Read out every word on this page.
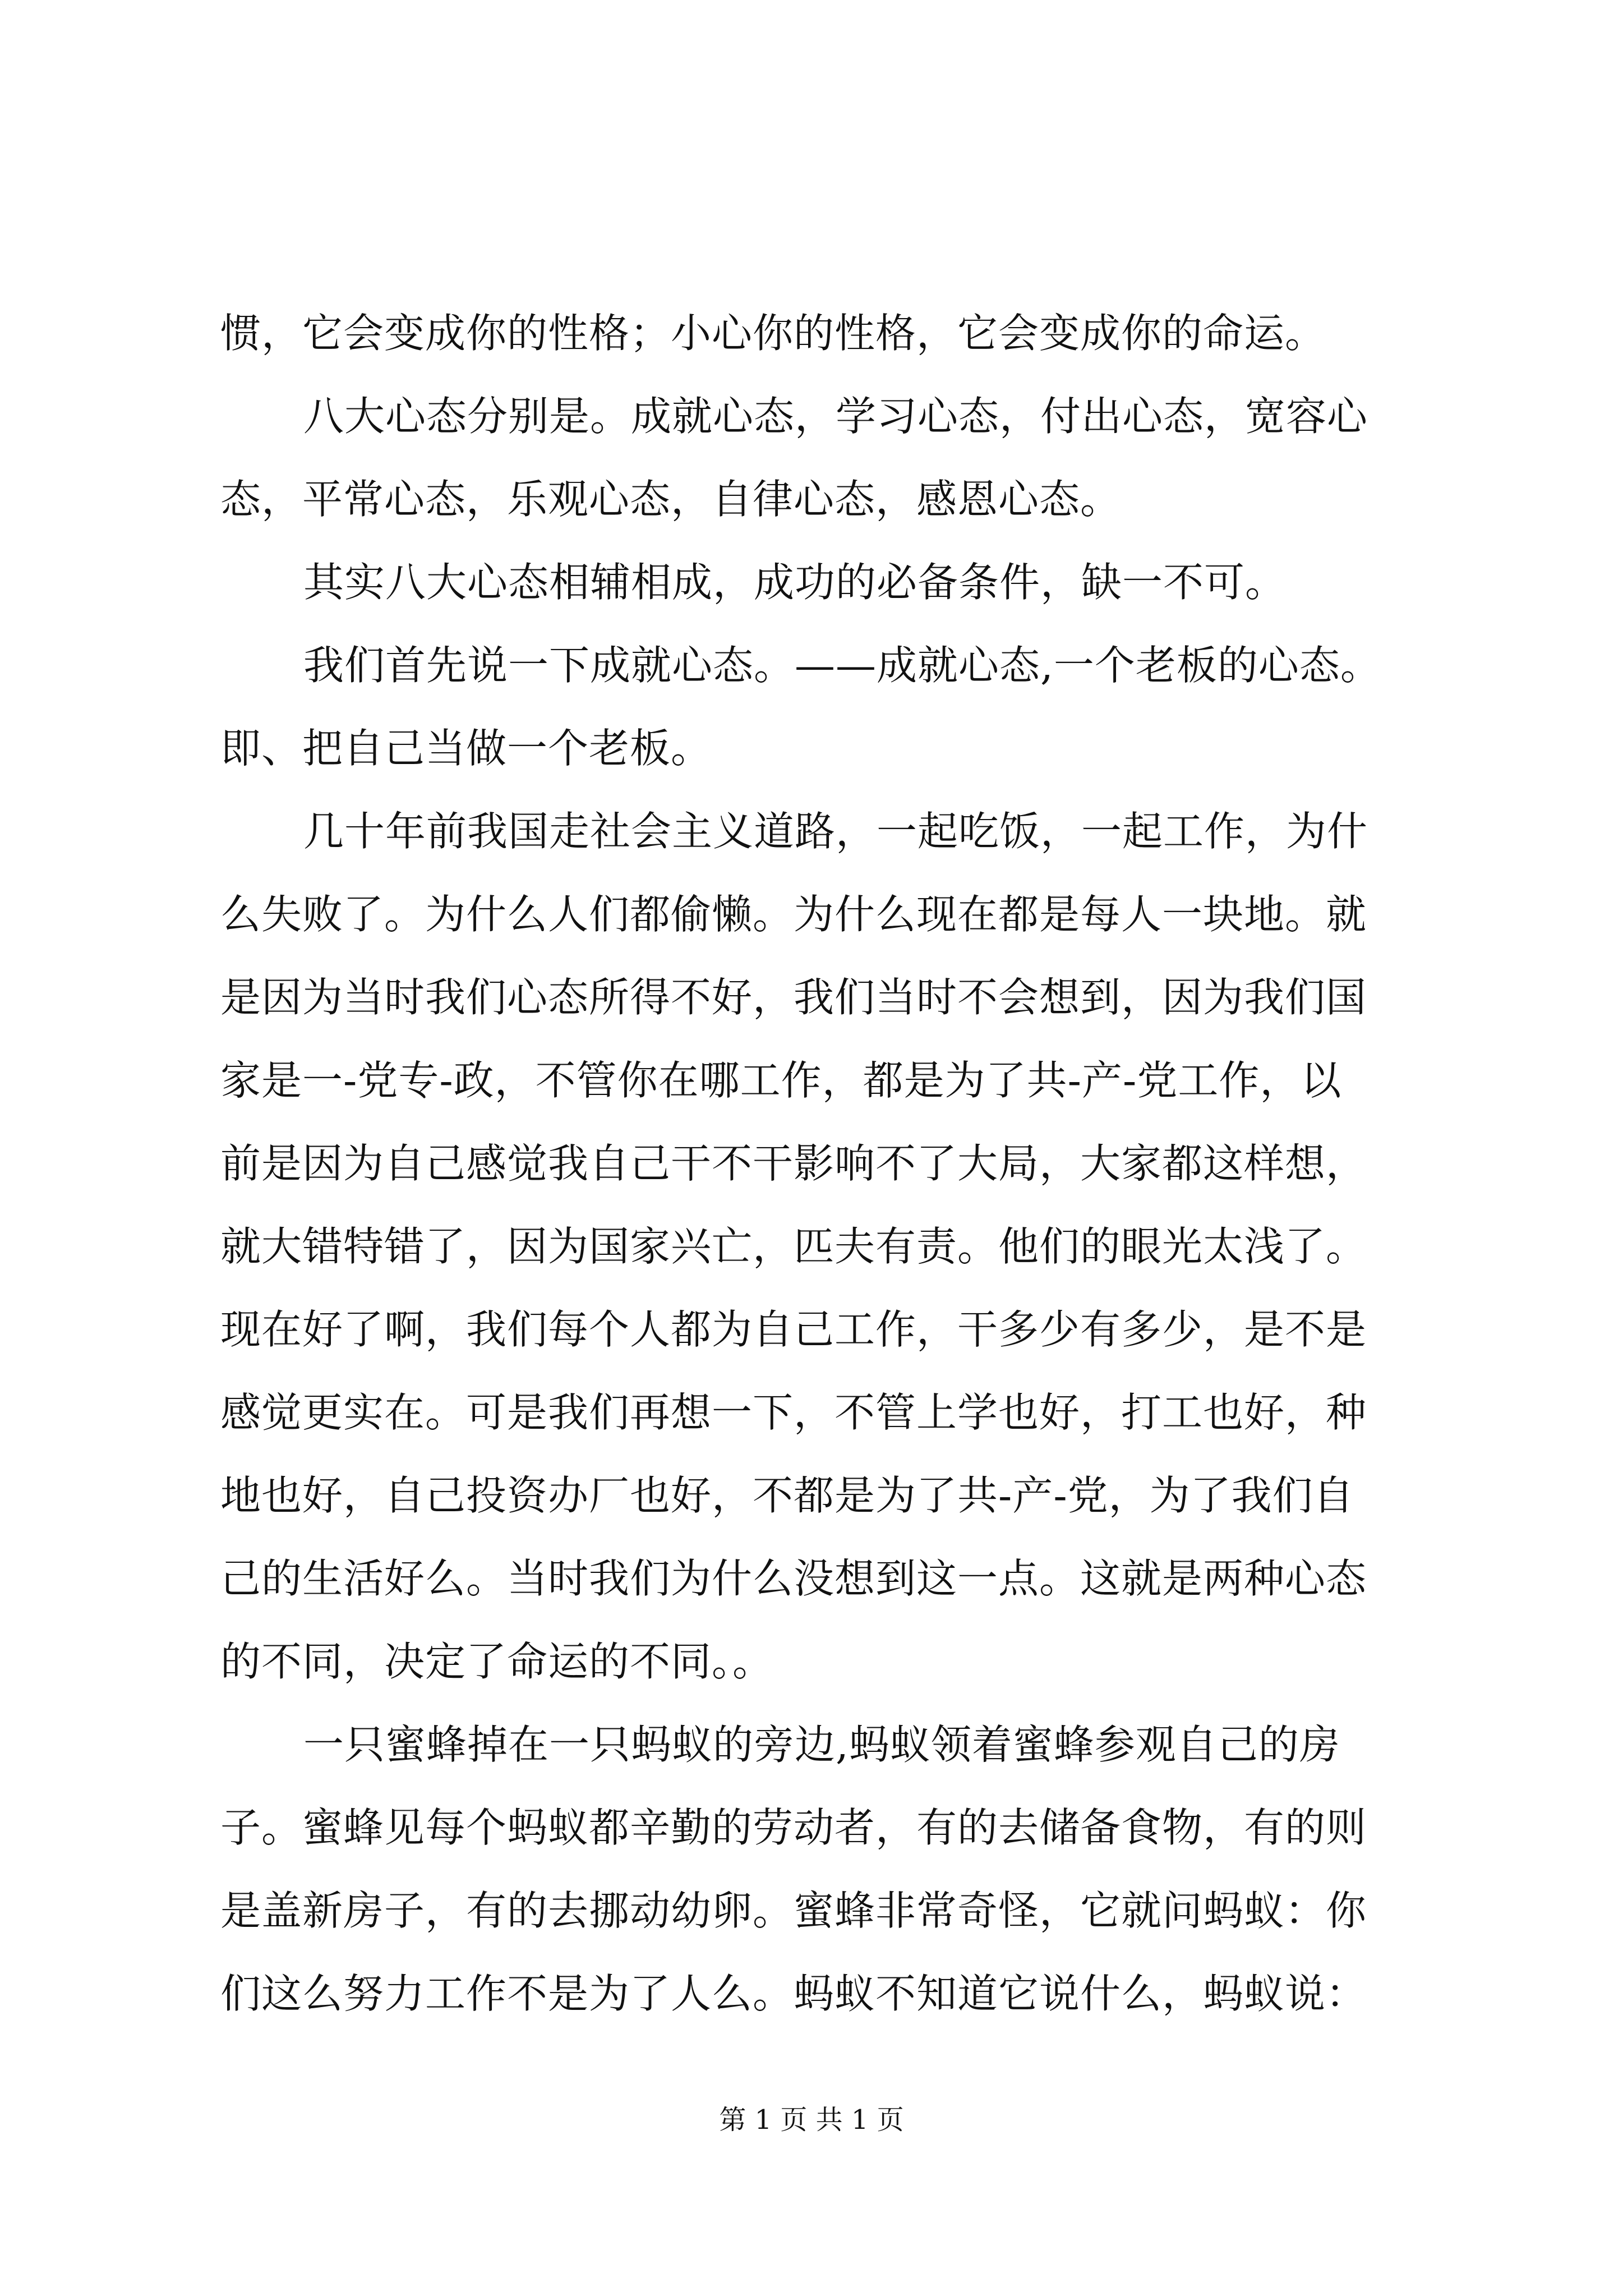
惯，它会变成你的性格；小心你的性格，它会变成你的命运。
八大心态分别是。成就心态，学习心态，付出心态，宽容心
态，平常心态，乐观心态，自律心态，感恩心态。
其实八大心态相辅相成，成功的必备条件，缺一不可。
我们首先说一下成就心态。——成就心态,一个老板的心态。
即、把自己当做一个老板。
几十年前我国走社会主义道路，一起吃饭，一起工作，为什
么失败了。为什么人们都偷懒。为什么现在都是每人一块地。就
是因为当时我们心态所得不好，我们当时不会想到，因为我们国
家是一-党专-政，不管你在哪工作，都是为了共-产-党工作，以
前是因为自己感觉我自己干不干影响不了大局，大家都这样想，
就大错特错了，因为国家兴亡，匹夫有责。他们的眼光太浅了。
现在好了啊，我们每个人都为自己工作，干多少有多少，是不是
感觉更实在。可是我们再想一下，不管上学也好，打工也好，种
地也好，自己投资办厂也好，不都是为了共-产-党，为了我们自
己的生活好么。当时我们为什么没想到这一点。这就是两种心态
的不同，决定了命运的不同。。
一只蜜蜂掉在一只蚂蚁的旁边,蚂蚁领着蜜蜂参观自己的房
子。蜜蜂见每个蚂蚁都辛勤的劳动者，有的去储备食物，有的则
是盖新房子，有的去挪动幼卵。蜜蜂非常奇怪，它就问蚂蚁：你
们这么努力工作不是为了人么。蚂蚁不知道它说什么，蚂蚁说：
第 1 页 共 1 页
